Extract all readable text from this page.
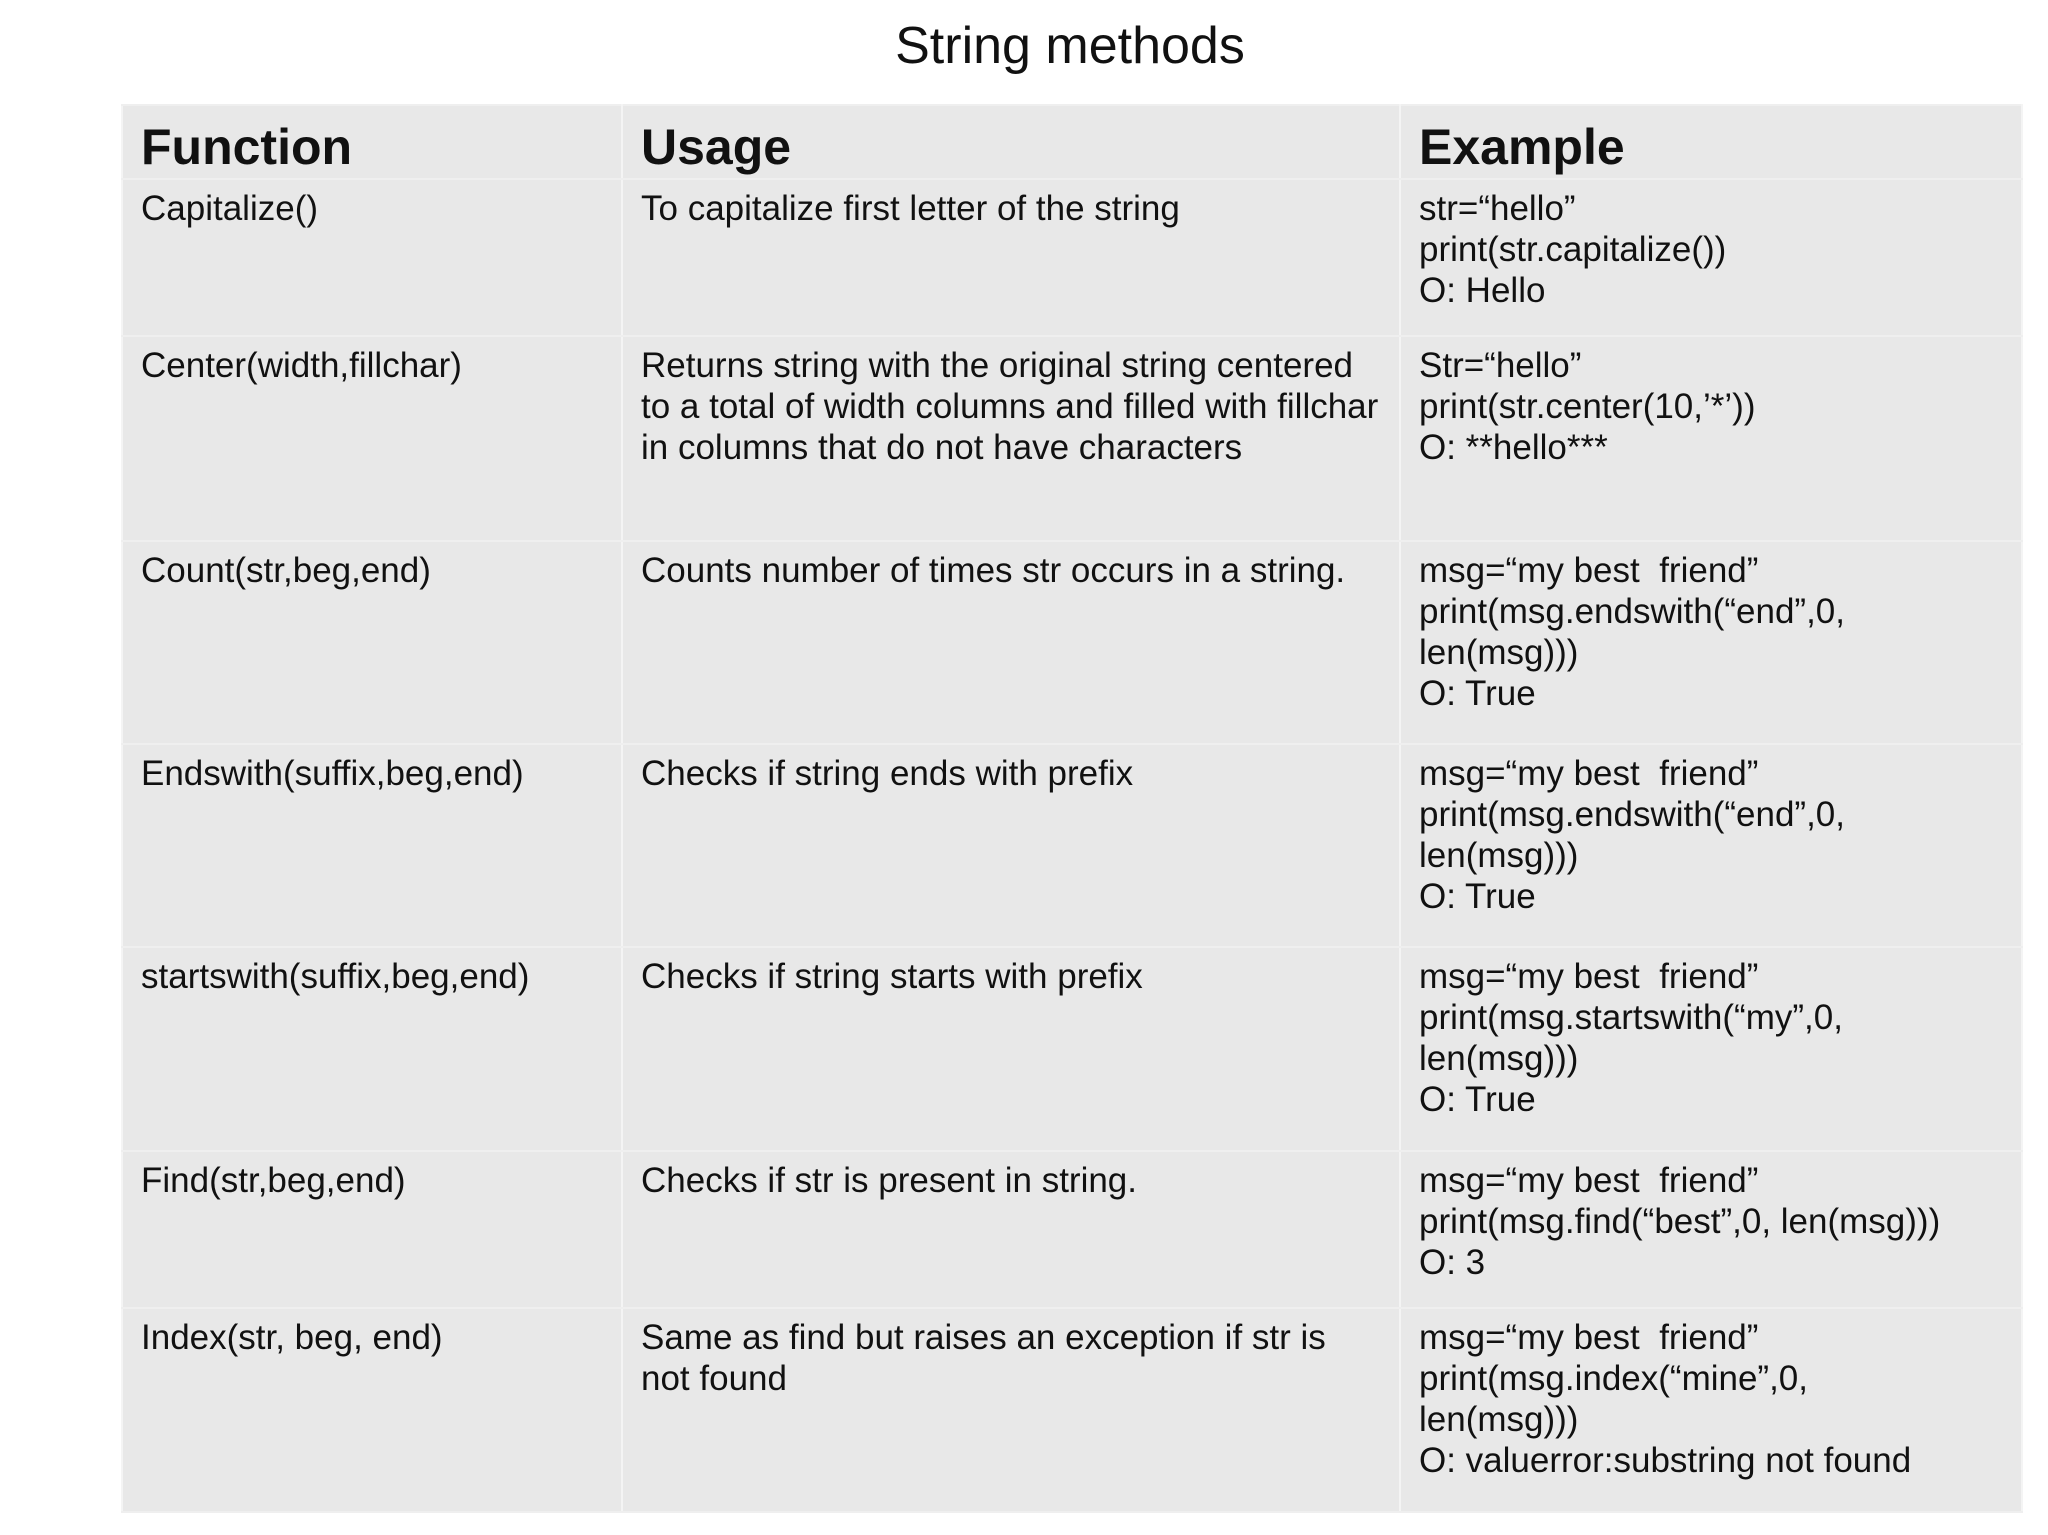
String methods
Function	Usage	Example

Capitalize()	To capitalize first letter of the string	str=“hello”
print(str.capitalize())
O: Hello

Center(width,fillchar)	Returns string with the original string centered to a total of width columns and filled with fillchar in columns that do not have characters	Str=“hello”
print(str.center(10,’*’))
O: **hello***

Count(str,beg,end)	Counts number of times str occurs in a string.	msg=“my best  friend”
print(msg.endswith(“end”,0,
len(msg)))
O: True

Endswith(suffix,beg,end)	Checks if string ends with prefix	msg=“my best  friend”
print(msg.endswith(“end”,0,
len(msg)))
O: True

startswith(suffix,beg,end)	Checks if string starts with prefix	msg=“my best  friend”
print(msg.startswith(“my”,0,
len(msg)))
O: True

Find(str,beg,end)	Checks if str is present in string.	msg=“my best  friend”
print(msg.find(“best”,0, len(msg)))
O: 3

Index(str, beg, end)	Same as find but raises an exception if str is not found	msg=“my best  friend”
print(msg.index(“mine”,0,
len(msg)))
O: valuerror:substring not found
